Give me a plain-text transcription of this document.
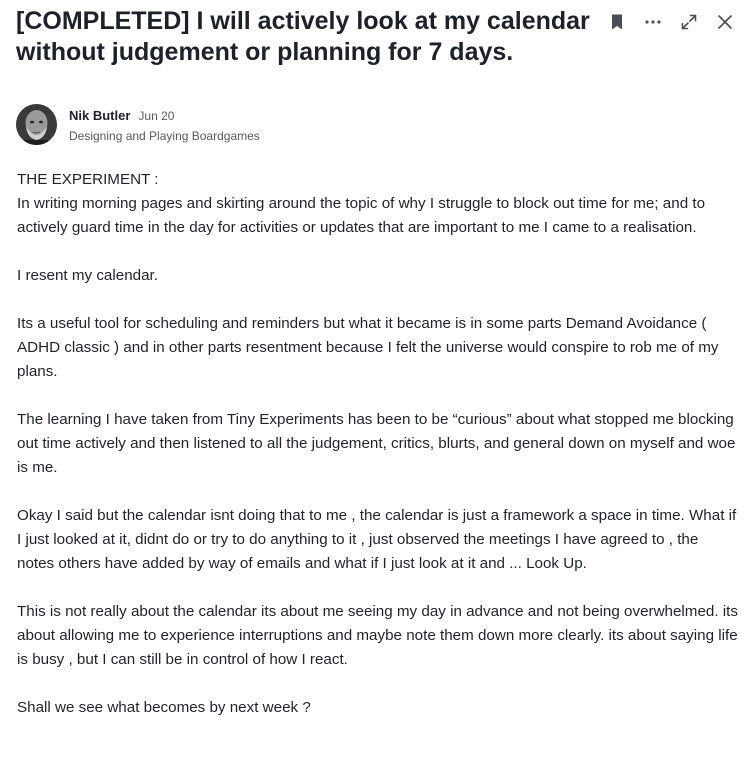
[COMPLETED] I will actively look at my calendar without judgement or planning for 7 days.
Nik Butler Jun 20
Designing and Playing Boardgames

THE EXPERIMENT :
In writing morning pages and skirting around the topic of why I struggle to block out time for me; and to actively guard time in the day for activities or updates that are important to me I came to a realisation.

I resent my calendar.

Its a useful tool for scheduling and reminders but what it became is in some parts Demand Avoidance ( ADHD classic ) and in other parts resentment because I felt the universe would conspire to rob me of my plans.

The learning I have taken from Tiny Experiments has been to be “curious” about what stopped me blocking out time actively and then listened to all the judgement, critics, blurts, and general down on myself and woe is me.

Okay I said but the calendar isnt doing that to me , the calendar is just a framework a space in time. What if I just looked at it, didnt do or try to do anything to it , just observed the meetings I have agreed to , the notes others have added by way of emails and what if I just look at it and ... Look Up.

This is not really about the calendar its about me seeing my day in advance and not being overwhelmed. its about allowing me to experience interruptions and maybe note them down more clearly. its about saying life is busy , but I can still be in control of how I react.

Shall we see what becomes by next week ?
